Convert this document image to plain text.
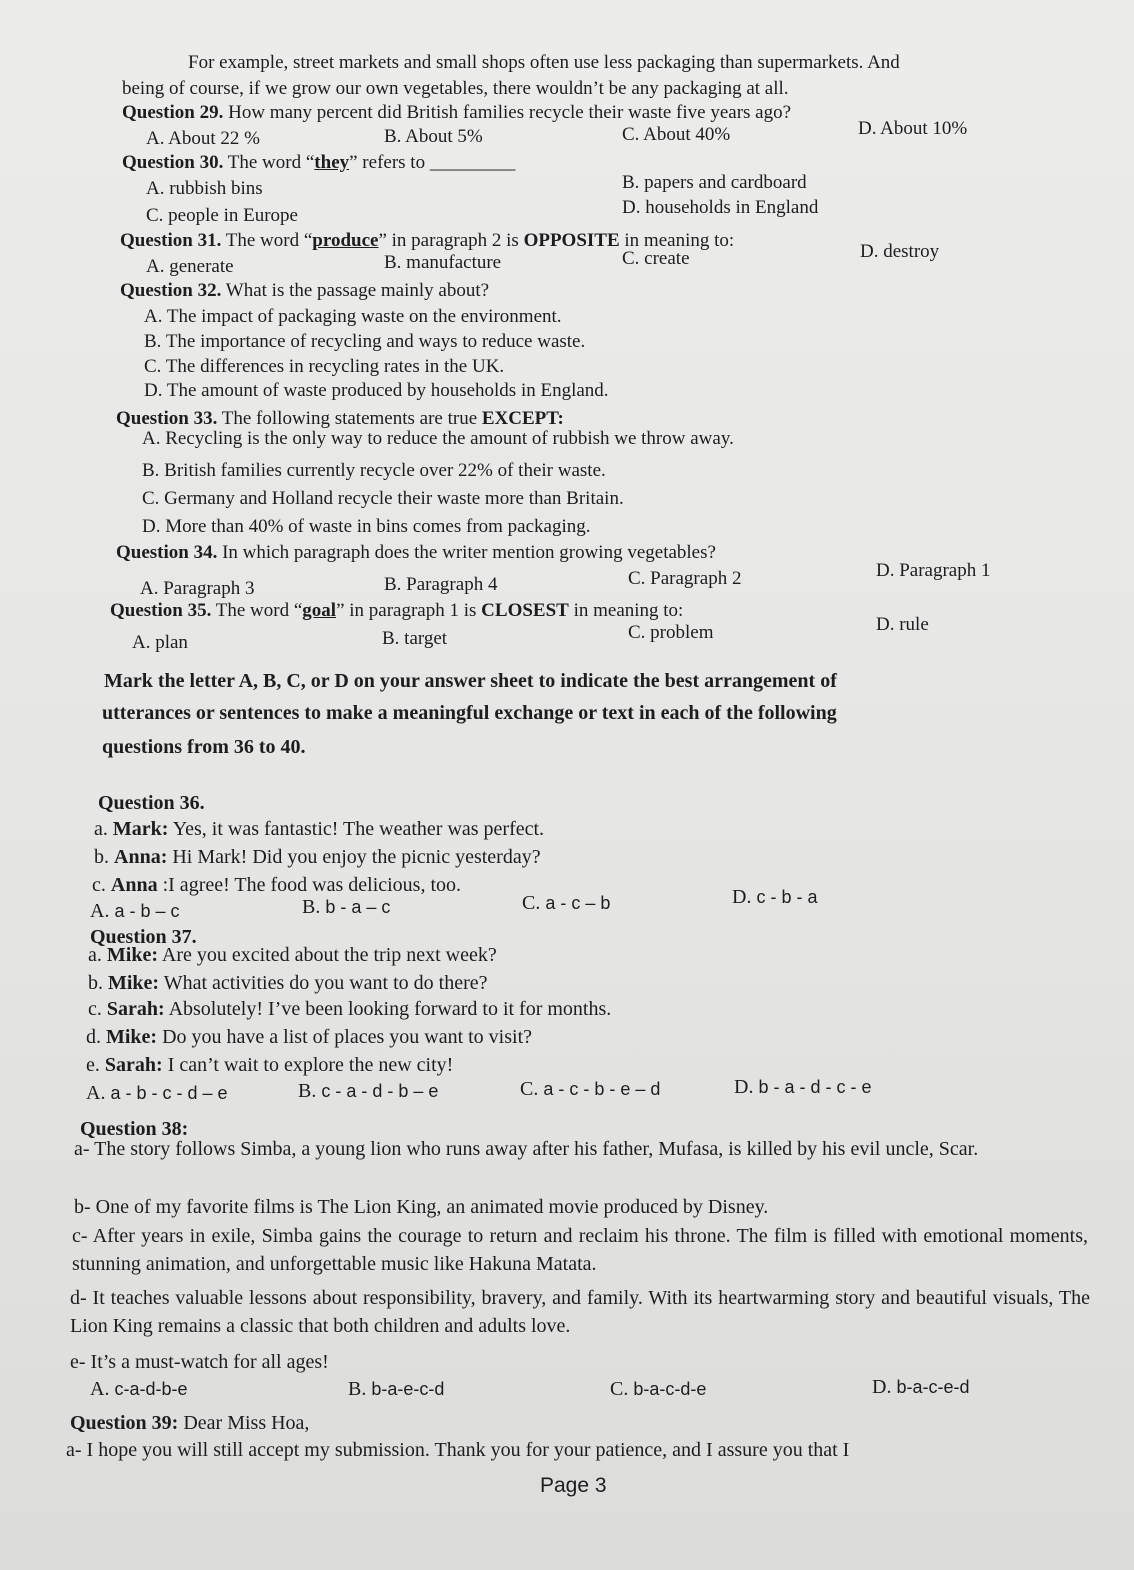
For example, street markets and small shops often use less packaging than supermarkets. And
being of course, if we grow our own vegetables, there wouldn’t be any packaging at all.
Question 29. How many percent did British families recycle their waste five years ago?
A. About 22 %	B. About 5%	C. About 40%	D. About 10%
Question 30. The word “they” refers to _________
A. rubbish bins	B. papers and cardboard
C. people in Europe	D. households in England
Question 31. The word “produce” in paragraph 2 is OPPOSITE in meaning to:
A. generate	B. manufacture	C. create	D. destroy
Question 32. What is the passage mainly about?
A. The impact of packaging waste on the environment.
B. The importance of recycling and ways to reduce waste.
C. The differences in recycling rates in the UK.
D. The amount of waste produced by households in England.
Question 33. The following statements are true EXCEPT:
A. Recycling is the only way to reduce the amount of rubbish we throw away.
B. British families currently recycle over 22% of their waste.
C. Germany and Holland recycle their waste more than Britain.
D. More than 40% of waste in bins comes from packaging.
Question 34. In which paragraph does the writer mention growing vegetables?
A. Paragraph 3	B. Paragraph 4	C. Paragraph 2	D. Paragraph 1
Question 35. The word “goal” in paragraph 1 is CLOSEST in meaning to:
A. plan	B. target	C. problem	D. rule
Mark the letter A, B, C, or D on your answer sheet to indicate the best arrangement of
utterances or sentences to make a meaningful exchange or text in each of the following
questions from 36 to 40.
Question 36.
a. Mark: Yes, it was fantastic! The weather was perfect.
b. Anna: Hi Mark! Did you enjoy the picnic yesterday?
c. Anna :I agree! The food was delicious, too.
A. a - b – c	B. b - a – c	C. a - c – b	D. c - b - a
Question 37.
a. Mike: Are you excited about the trip next week?
b. Mike: What activities do you want to do there?
c. Sarah: Absolutely! I’ve been looking forward to it for months.
d. Mike: Do you have a list of places you want to visit?
e. Sarah: I can’t wait to explore the new city!
A. a - b - c - d – e	B. c - a - d - b – e	C. a - c - b - e – d	D. b - a - d - c - e
Question 38:
a- The story follows Simba, a young lion who runs away after his father, Mufasa, is killed by his evil uncle, Scar.
b- One of my favorite films is The Lion King, an animated movie produced by Disney.
c- After years in exile, Simba gains the courage to return and reclaim his throne. The film is filled with emotional moments, stunning animation, and unforgettable music like Hakuna Matata.
d- It teaches valuable lessons about responsibility, bravery, and family. With its heartwarming story and beautiful visuals, The Lion King remains a classic that both children and adults love.
e- It’s a must-watch for all ages!
A. c-a-d-b-e	B. b-a-e-c-d	C. b-a-c-d-e	D. b-a-c-e-d
Question 39: Dear Miss Hoa,
a- I hope you will still accept my submission. Thank you for your patience, and I assure you that I
Page 3
